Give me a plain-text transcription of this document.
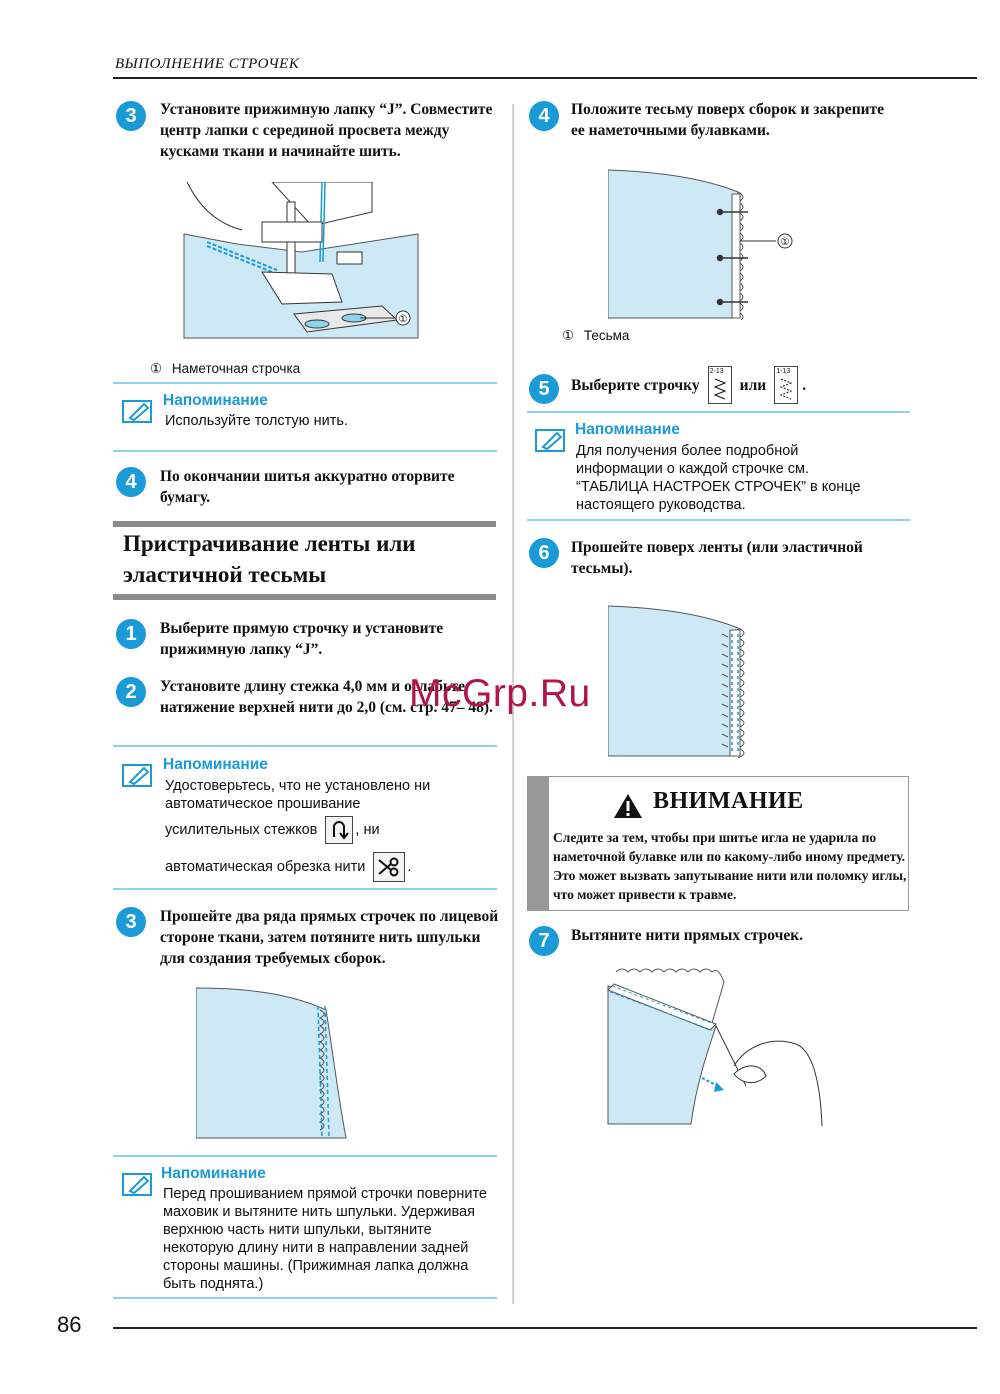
ВЫПОЛНЕНИЕ СТРОЧЕК
3	Установите прижимную лапку “J”. Совместите центр лапки с серединой просвета между кусками ткани и начинайте шить.
①
① Наметочная строчка
Напоминание
Используйте толстую нить.
4	По окончании шитья аккуратно оторвите бумагу.
Пристрачивание ленты или
эластичной тесьмы
1	Выберите прямую строчку и установите прижимную лапку “J”.
2	Установите длину стежка 4,0 мм и ослабьте натяжение верхней нити до 2,0 (см. стр. 47– 48).
Напоминание
Удостоверьтесь, что не установлено ни
автоматическое прошивание
усилительных стежков	, ни
автоматическая обрезка нити	.
3	Прошейте два ряда прямых строчек по лицевой стороне ткани, затем потяните нить шпульки для создания требуемых сборок.
Напоминание
Перед прошиванием прямой строчки поверните маховик и вытяните нить шпульки. Удерживая верхнюю часть нити шпульки, вытяните некоторую длину нити в направлении задней стороны машины. (Прижимная лапка должна быть поднята.)
4	Положите тесьму поверх сборок и закрепите ее наметочными булавками.
①
① Тесьма
5	Выберите строчку
2-13
или
1-13
.
Напоминание
Для получения более подробной информации о каждой строчке см. “ТАБЛИЦА НАСТРОЕК СТРОЧЕК” в конце настоящего руководства.
6	Прошейте поверх ленты (или эластичной тесьмы).
ВНИМАНИЕ
Следите за тем, чтобы при шитье игла не ударила по наметочной булавке или по какому-либо иному предмету. Это может вызвать запутывание нити или поломку иглы, что может привести к травме.
7	Вытяните нити прямых строчек.
McGrp.Ru
86
